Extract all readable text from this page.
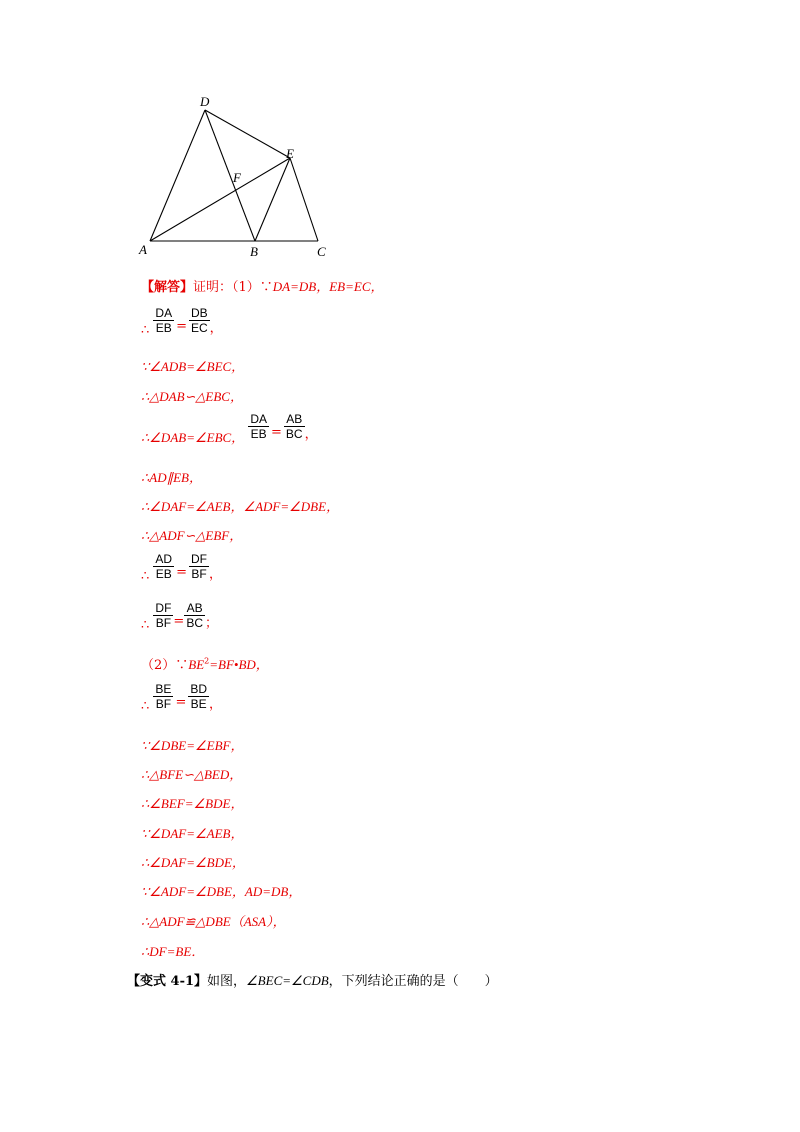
D
E
F
A	B	C
【解答】证明：（1）∵DA=DB，EB=EC，
∴ $\frac{DA}{EB} = \frac{DB}{EC}$ ，
∵∠ADB=∠BEC，
∴△DAB∽△EBC，
∴∠DAB=∠EBC， $\frac{DA}{EB} = \frac{AB}{BC}$ ，
∴AD∥EB，
∴∠DAF=∠AEB，∠ADF=∠DBE，
∴△ADF∽△EBF，
∴ $\frac{AD}{EB} = \frac{DF}{BF}$ ，
∴ $\frac{DF}{BF} = \frac{AB}{BC}$ ；
$(2)\because BE^2=BF•BD$，
∴ $\frac{BE}{BF} = \frac{BD}{BE}$ ，
∵∠DBE=∠EBF，
∴△BFE∽△BED，
∴∠BEF=∠BDE，
∵∠DAF=∠AEB，
∴∠DAF=∠BDE，
∵∠ADF=∠DBE，AD=DB，
∴△ADF≌△DBE（ASA），
∴DF=BE．
【变式 4-1】如图，∠BEC=∠CDB，下列结论正确的是（　　）
